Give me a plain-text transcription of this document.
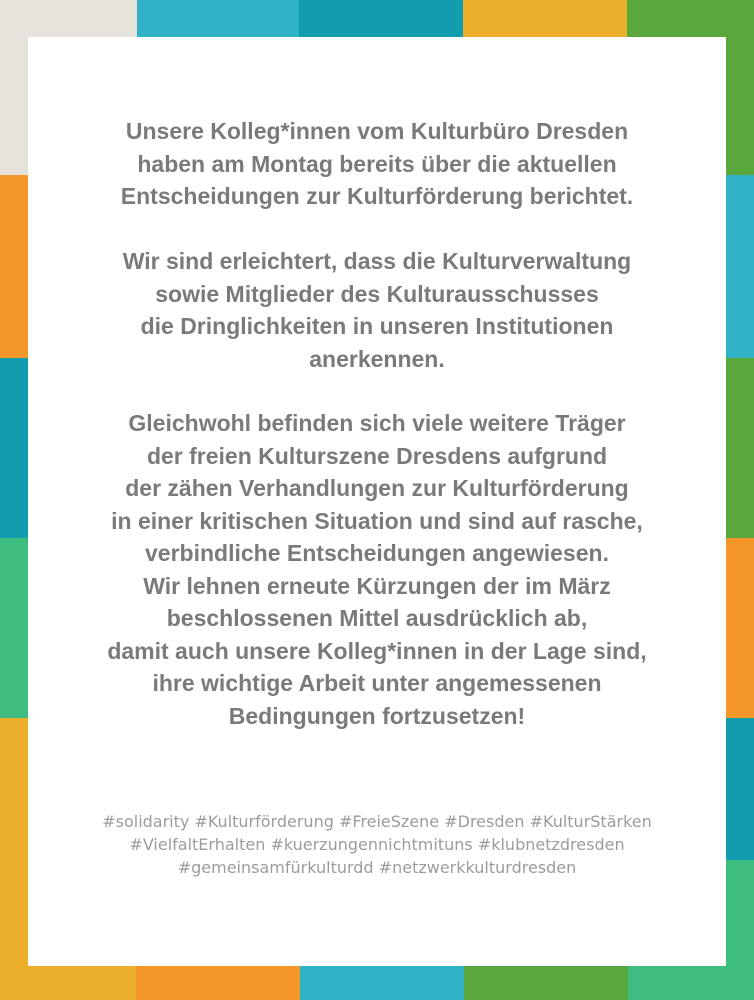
Unsere Kolleg*innen vom Kulturbüro Dresden
haben am Montag bereits über die aktuellen
Entscheidungen zur Kulturförderung berichtet.
Wir sind erleichtert, dass die Kulturverwaltung
sowie Mitglieder des Kulturausschusses
die Dringlichkeiten in unseren Institutionen
anerkennen.
Gleichwohl befinden sich viele weitere Träger
der freien Kulturszene Dresdens aufgrund
der zähen Verhandlungen zur Kulturförderung
in einer kritischen Situation und sind auf rasche,
verbindliche Entscheidungen angewiesen.
Wir lehnen erneute Kürzungen der im März
beschlossenen Mittel ausdrücklich ab,
damit auch unsere Kolleg*innen in der Lage sind,
ihre wichtige Arbeit unter angemessenen
Bedingungen fortzusetzen!
#solidarity #Kulturförderung #FreieSzene #Dresden #KulturStärken
#VielfaltErhalten #kuerzungennichtmituns #klubnetzdresden
#gemeinsamfürkulturdd #netzwerkkulturdresden
